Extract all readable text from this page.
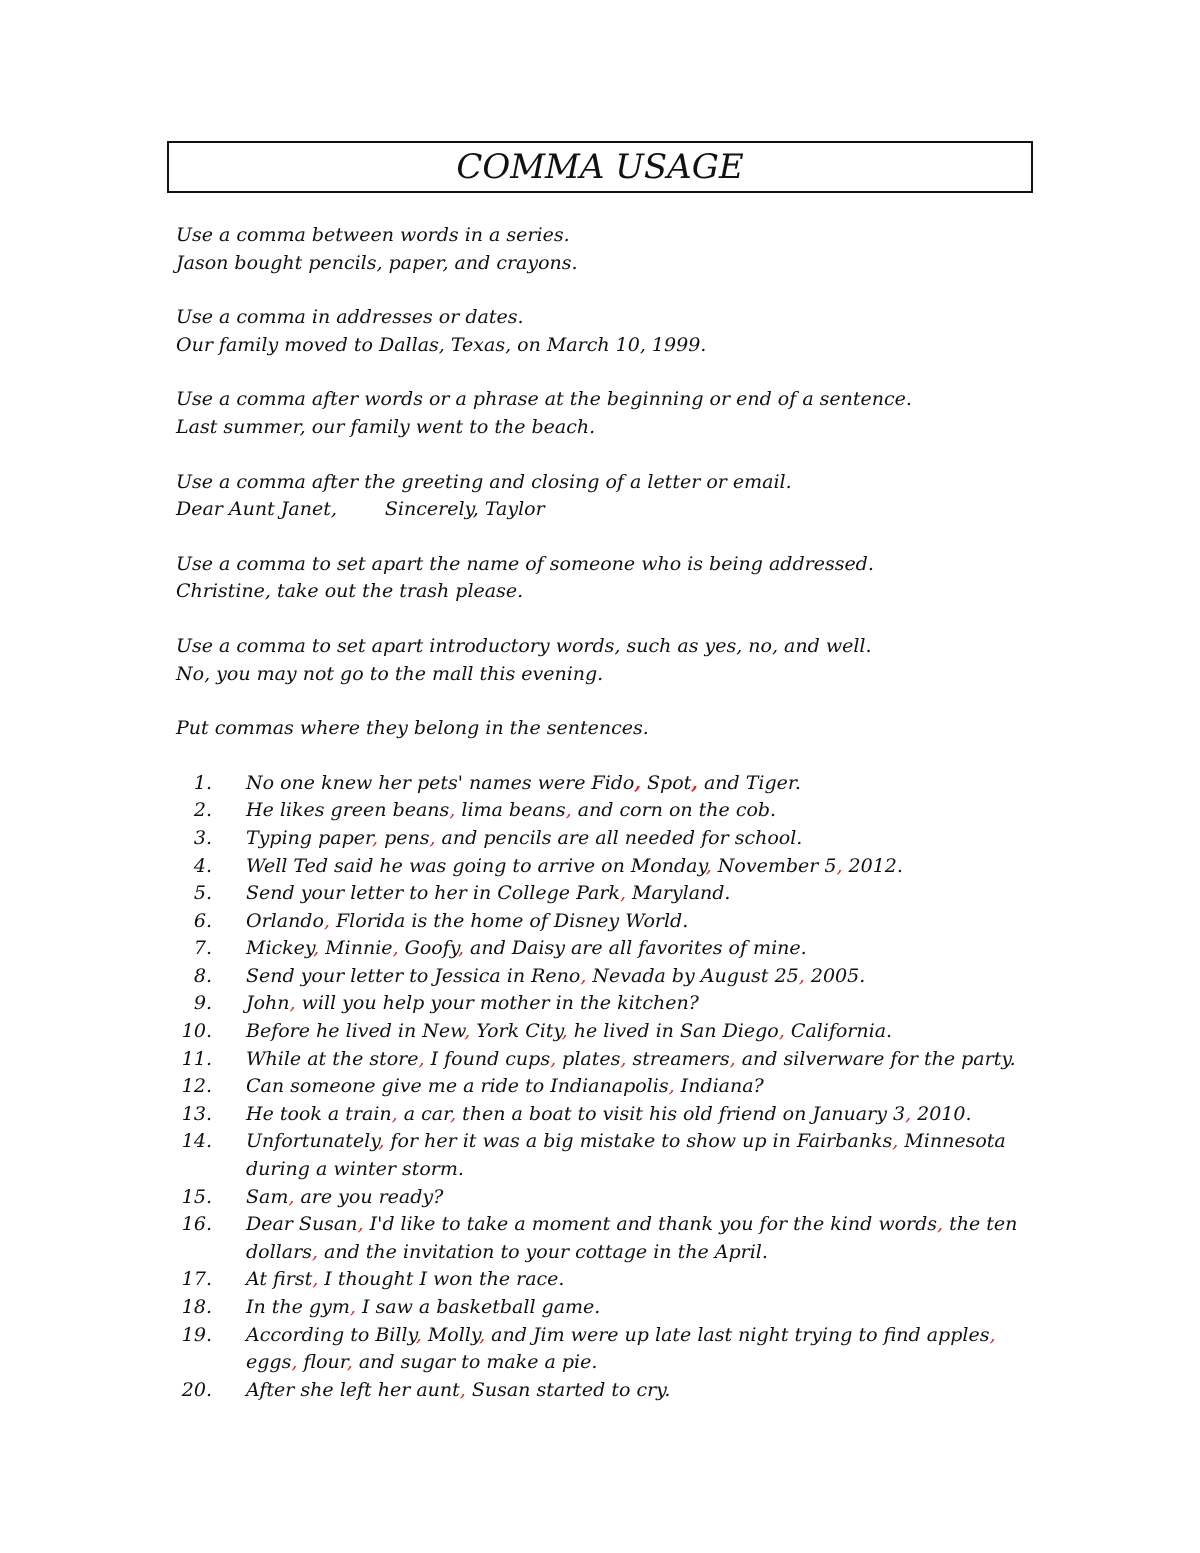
COMMA USAGE
Use a comma between words in a series.
Jason bought pencils, paper, and crayons.
Use a comma in addresses or dates.
Our family moved to Dallas, Texas, on March 10, 1999.
Use a comma after words or a phrase at the beginning or end of a sentence.
Last summer, our family went to the beach.
Use a comma after the greeting and closing of a letter or email.
Dear Aunt Janet,	Sincerely, Taylor
Use a comma to set apart the name of someone who is being addressed.
Christine, take out the trash please.
Use a comma to set apart introductory words, such as yes, no, and well.
No, you may not go to the mall this evening.
Put commas where they belong in the sentences.
1.	No one knew her pets' names were Fido, Spot, and Tiger.
2.	He likes green beans, lima beans, and corn on the cob.
3.	Typing paper, pens, and pencils are all needed for school.
4.	Well Ted said he was going to arrive on Monday, November 5, 2012.
5.	Send your letter to her in College Park, Maryland.
6.	Orlando, Florida is the home of Disney World.
7.	Mickey, Minnie, Goofy, and Daisy are all favorites of mine.
8.	Send your letter to Jessica in Reno, Nevada by August 25, 2005.
9.	John, will you help your mother in the kitchen?
10.	Before he lived in New, York City, he lived in San Diego, California.
11.	While at the store, I found cups, plates, streamers, and silverware for the party.
12.	Can someone give me a ride to Indianapolis, Indiana?
13.	He took a train, a car, then a boat to visit his old friend on January 3, 2010.
14.	Unfortunately, for her it was a big mistake to show up in Fairbanks, Minnesota during a winter storm.
15.	Sam, are you ready?
16.	Dear Susan, I'd like to take a moment and thank you for the kind words, the ten dollars, and the invitation to your cottage in the April.
17.	At first, I thought I won the race.
18.	In the gym, I saw a basketball game.
19.	According to Billy, Molly, and Jim were up late last night trying to find apples, eggs, flour, and sugar to make a pie.
20.	After she left her aunt, Susan started to cry.
